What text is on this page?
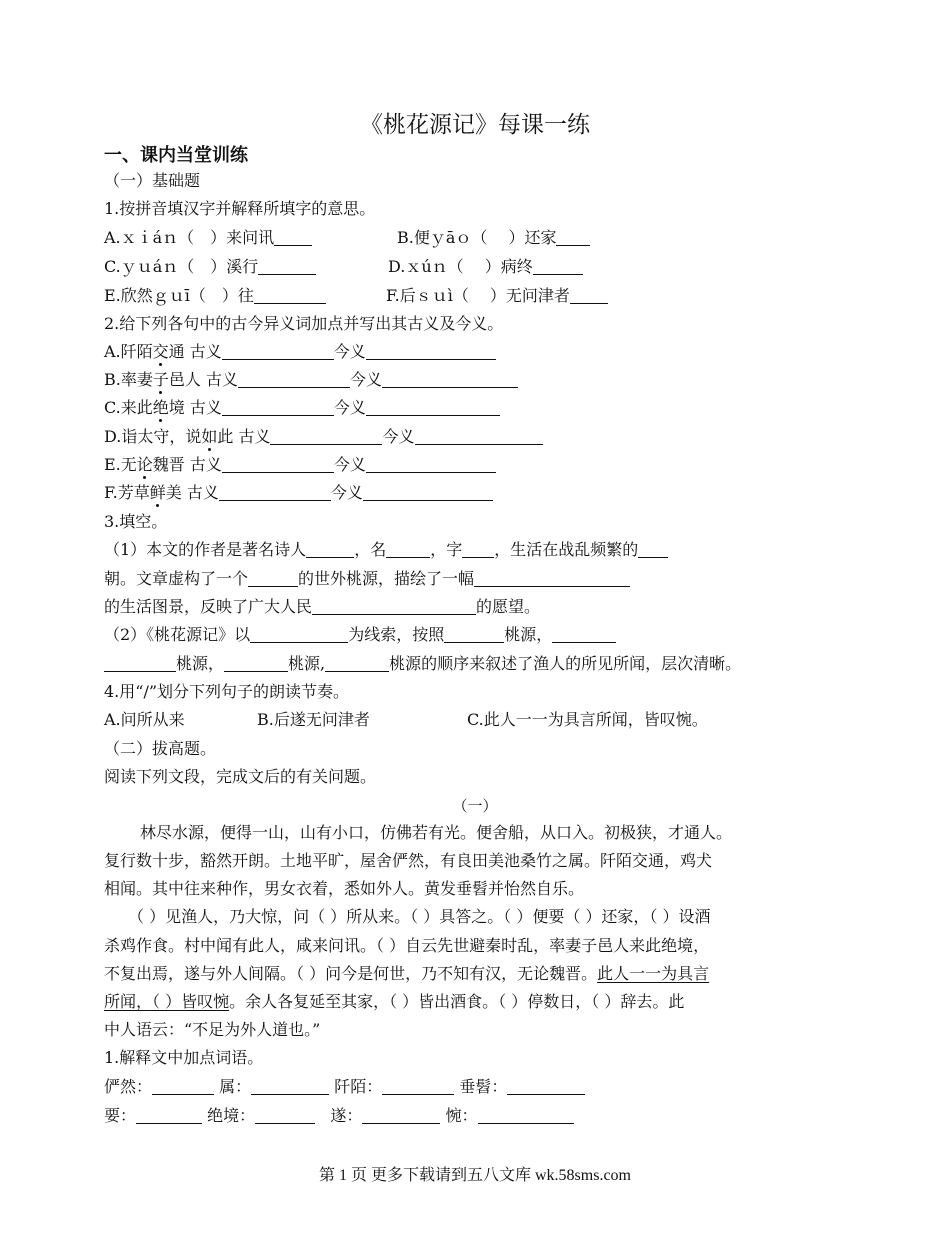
《桃花源记》每课一练
一、课内当堂训练
（一）基础题
1.按拼音填汉字并解释所填字的意思。
A.ｘｉáｎ（　）来问讯	B.便ｙāｏ（　 ）还家
C.ｙｕáｎ（　）溪行	D.ｘúｎ（　 ）病终
E.欣然ｇｕī（　）往	F.后ｓｕì（　 ）无问津者
2.给下列各句中的古今异义词加点并写出其古义及今义。
A.阡陌交通 古义	今义
B.率妻子邑人 古义	今义
C.来此绝境 古义	今义
D.诣太守，说如此 古义	今义
E.无论魏晋 古义	今义
F.芳草鲜美 古义	今义
3.填空。
（1）本文的作者是著名诗人	，名	，字 ，生活在战乱频繁的
朝。文章虚构了一个	的世外桃源，描绘了一幅
的生活图景，反映了广大人民	的愿望。
（2）《桃花源记》以	为线索，按照	桃源，
桃源，	桃源,	桃源的顺序来叙述了渔人的所见所闻，层次清晰。
4.用“/”划分下列句子的朗读节奏。
A.问所从来	B.后遂无问津者	C.此人一一为具言所闻，皆叹惋。
（二）拔高题。
阅读下列文段，完成文后的有关问题。
（一）
林尽水源，便得一山，山有小口，仿佛若有光。便舍船，从口入。初极狭，才通人。
复行数十步，豁然开朗。土地平旷，屋舍俨然，有良田美池桑竹之属。阡陌交通，鸡犬
相闻。其中往来种作，男女衣着，悉如外人。黄发垂髫并怡然自乐。
（ ）见渔人，乃大惊，问（ ）所从来。（ ）具答之。（ ）便要（ ）还家，（ ）设酒
杀鸡作食。村中闻有此人，咸来问讯。（ ）自云先世避秦时乱，率妻子邑人来此绝境，
不复出焉，遂与外人间隔。（ ）问今是何世，乃不知有汉，无论魏晋。此人一一为具言
所闻，（ ）皆叹惋。余人各复延至其家，（ ）皆出酒食。（ ）停数日，（ ）辞去。此
中人语云：“不足为外人道也。”
1.解释文中加点词语。
俨然：	属：	阡陌：	垂髫：
要：	绝境：	遂：	惋：
第 1 页 更多下载请到五八文库 wk.58sms.com
